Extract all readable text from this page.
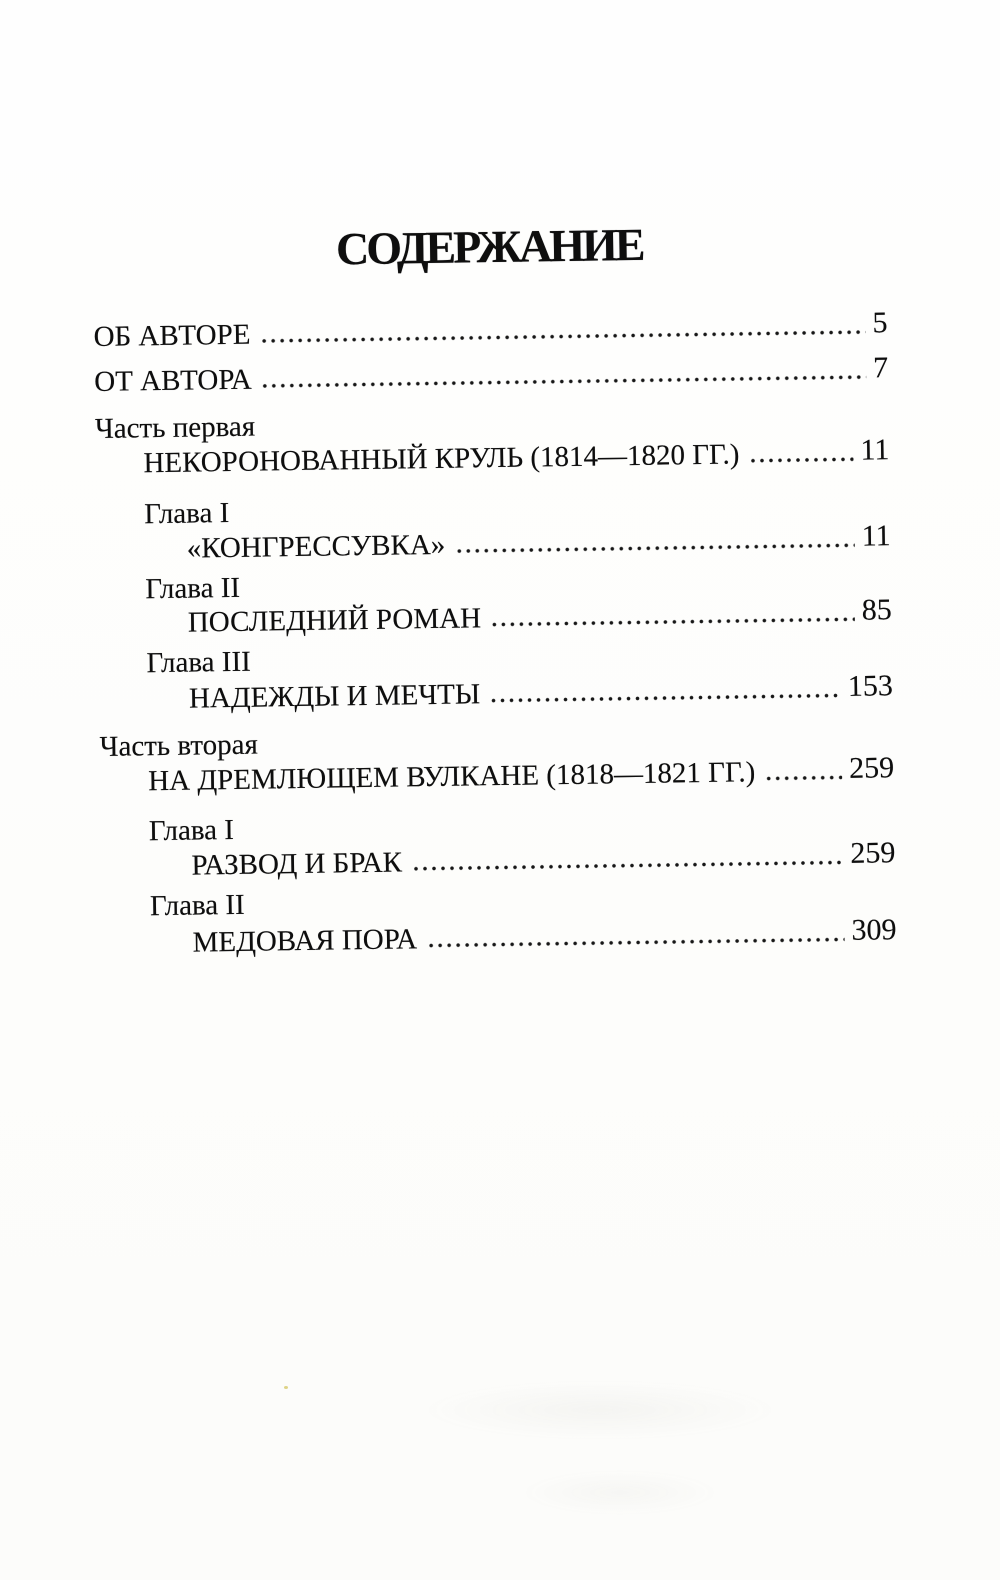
СОДЕРЖАНИЕ
ОБ АВТОРЕ	5
ОТ АВТОРА	7
Часть первая
НЕКОРОНОВАННЫЙ КРУЛЬ (1814—1820 ГГ.)	11
Глава I
«КОНГРЕССУВКА»	11
Глава II
ПОСЛЕДНИЙ РОМАН	85
Глава III
НАДЕЖДЫ И МЕЧТЫ	153
Часть вторая
НА ДРЕМЛЮЩЕМ ВУЛКАНЕ (1818—1821 ГГ.)	259
Глава I
РАЗВОД И БРАК	259
Глава II
МЕДОВАЯ ПОРА	309
